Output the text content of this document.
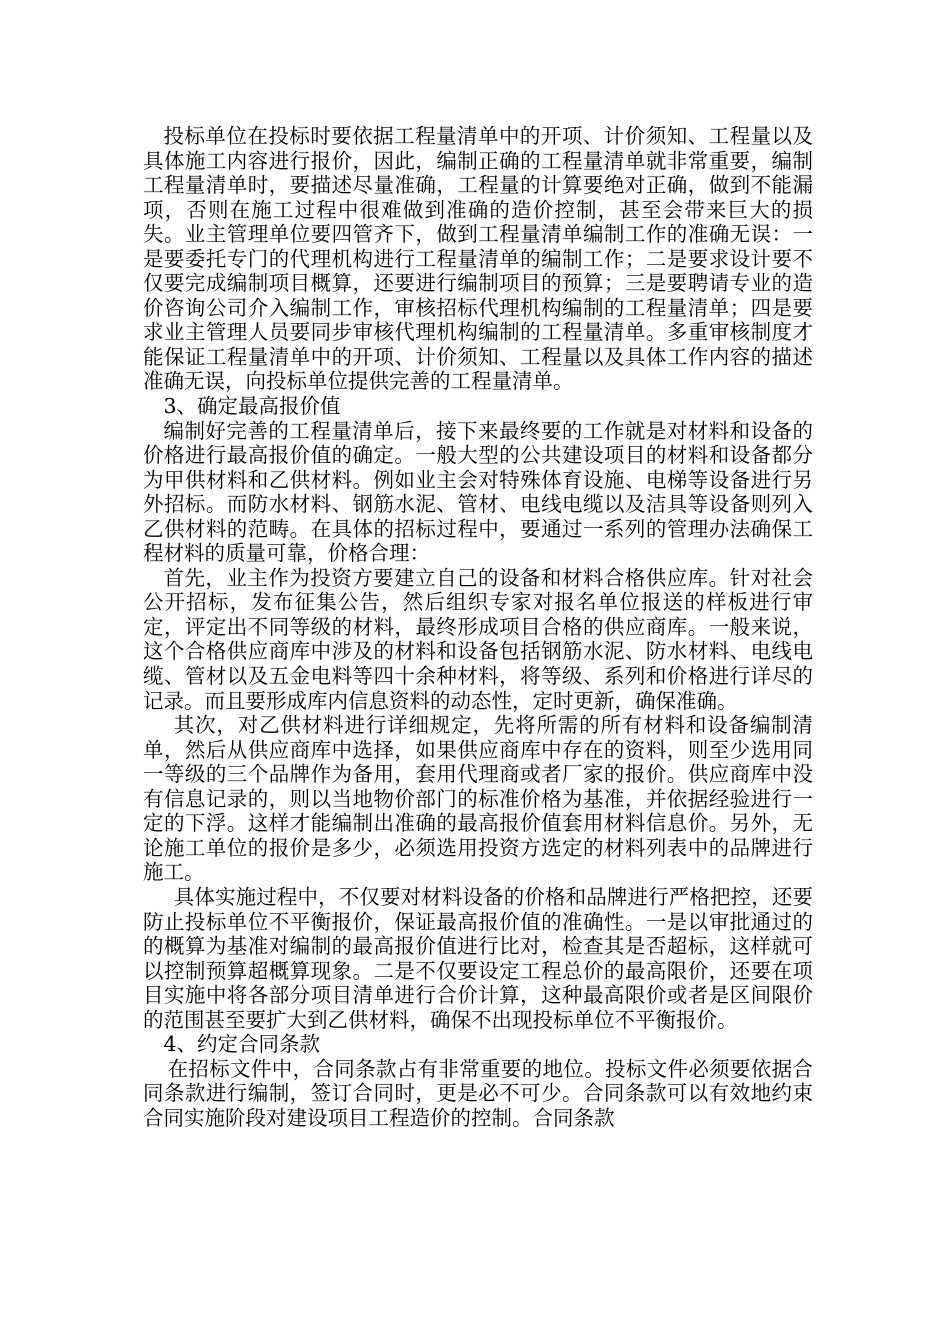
投标单位在投标时要依据工程量清单中的开项、计价须知、工程量以及具体施工内容进行报价，因此，编制正确的工程量清单就非常重要，编制工程量清单时，要描述尽量准确，工程量的计算要绝对正确，做到不能漏项，否则在施工过程中很难做到准确的造价控制，甚至会带来巨大的损失。业主管理单位要四管齐下，做到工程量清单编制工作的准确无误：一是要委托专门的代理机构进行工程量清单的编制工作；二是要求设计要不仅要完成编制项目概算，还要进行编制项目的预算；三是要聘请专业的造价咨询公司介入编制工作，审核招标代理机构编制的工程量清单；四是要求业主管理人员要同步审核代理机构编制的工程量清单。多重审核制度才能保证工程量清单中的开项、计价须知、工程量以及具体工作内容的描述准确无误，向投标单位提供完善的工程量清单。

3、确定最高报价值

编制好完善的工程量清单后，接下来最终要的工作就是对材料和设备的价格进行最高报价值的确定。一般大型的公共建设项目的材料和设备都分为甲供材料和乙供材料。例如业主会对特殊体育设施、电梯等设备进行另外招标。而防水材料、钢筋水泥、管材、电线电缆以及洁具等设备则列入乙供材料的范畴。在具体的招标过程中，要通过一系列的管理办法确保工程材料的质量可靠，价格合理：

首先，业主作为投资方要建立自己的设备和材料合格供应库。针对社会公开招标，发布征集公告，然后组织专家对报名单位报送的样板进行审定，评定出不同等级的材料，最终形成项目合格的供应商库。一般来说，这个合格供应商库中涉及的材料和设备包括钢筋水泥、防水材料、电线电缆、管材以及五金电料等四十余种材料，将等级、系列和价格进行详尽的记录。而且要形成库内信息资料的动态性，定时更新，确保准确。

其次，对乙供材料进行详细规定，先将所需的所有材料和设备编制清单，然后从供应商库中选择，如果供应商库中存在的资料，则至少选用同一等级的三个品牌作为备用，套用代理商或者厂家的报价。供应商库中没有信息记录的，则以当地物价部门的标准价格为基准，并依据经验进行一定的下浮。这样才能编制出准确的最高报价值套用材料信息价。另外，无论施工单位的报价是多少，必须选用投资方选定的材料列表中的品牌进行施工。

具体实施过程中，不仅要对材料设备的价格和品牌进行严格把控，还要防止投标单位不平衡报价，保证最高报价值的准确性。一是以审批通过的的概算为基准对编制的最高报价值进行比对，检查其是否超标，这样就可以控制预算超概算现象。二是不仅要设定工程总价的最高限价，还要在项目实施中将各部分项目清单进行合价计算，这种最高限价或者是区间限价的范围甚至要扩大到乙供材料，确保不出现投标单位不平衡报价。

4、约定合同条款

在招标文件中，合同条款占有非常重要的地位。投标文件必须要依据合同条款进行编制，签订合同时，更是必不可少。合同条款可以有效地约束合同实施阶段对建设项目工程造价的控制。合同条款
